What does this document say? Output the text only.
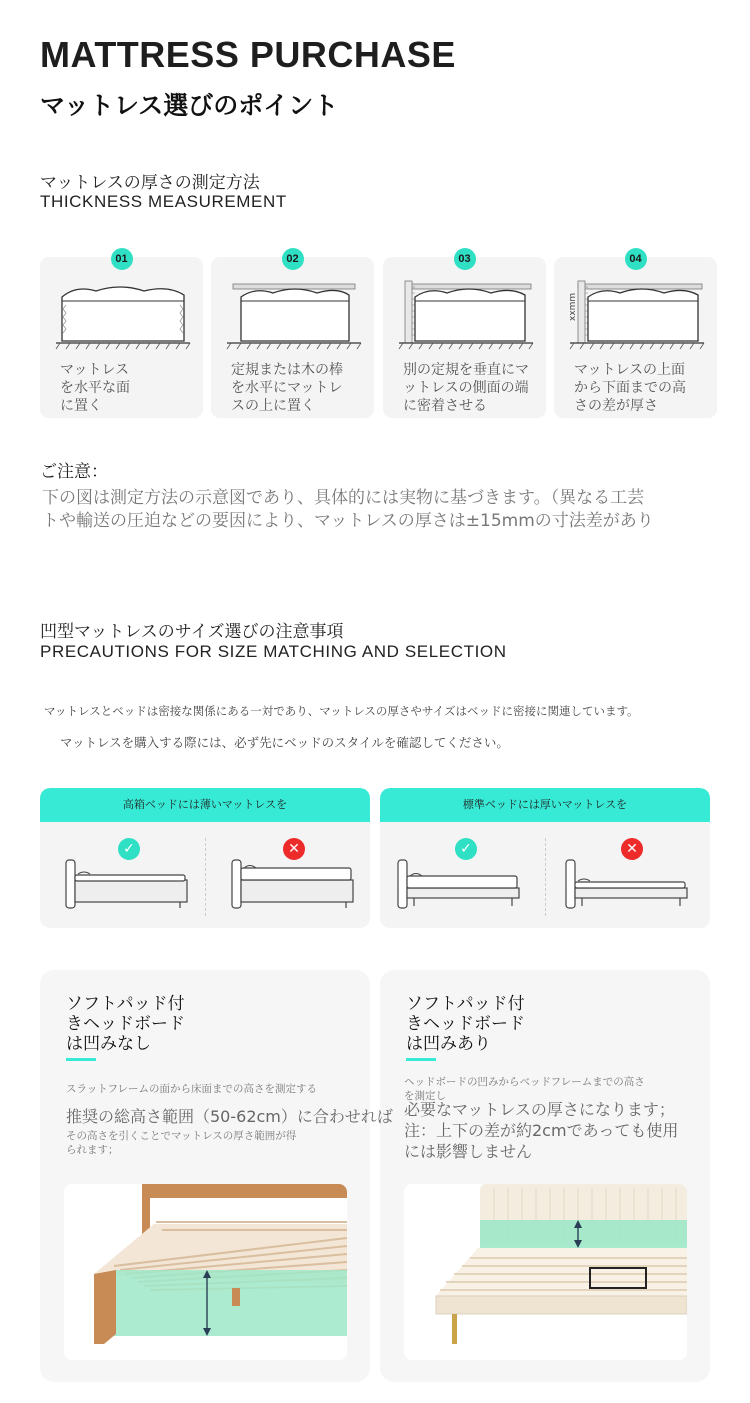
MATTRESS PURCHASE
マットレス選びのポイント
マットレスの厚さの測定方法
THICKNESS MEASUREMENT
01
マットレス
を水平な面
に置く
02
定規または木の棒
を水平にマットレ
スの上に置く
03
別の定規を垂直にマ
ットレスの側面の端
に密着させる
04
xxmm
マットレスの上面
から下面までの高
さの差が厚さ
ご注意：
下の図は測定方法の示意図であり、具体的には実物に基づきます。（異なる工芸
トや輸送の圧迫などの要因により、マットレスの厚さは±15mmの寸法差があり
凹型マットレスのサイズ選びの注意事項
PRECAUTIONS FOR SIZE MATCHING AND SELECTION
マットレスとベッドは密接な関係にある一対であり、マットレスの厚さやサイズはベッドに密接に関連しています。
マットレスを購入する際には、必ず先にベッドのスタイルを確認してください。
高箱ベッドには薄いマットレスを
✓	✕
標準ベッドには厚いマットレスを
✓	✕
ソフトパッド付
きヘッドボード
は凹みなし
スラットフレームの面から床面までの高さを測定する
その高さを引くことでマットレスの厚さ範囲が得
られます；
ソフトパッド付
きヘッドボード
は凹みあり
ヘッドボードの凹みからベッドフレームまでの高さ
を測定し
推奨の総高さ範囲（50-62cm）に合わせれば 必要なマットレスの厚さになります；
注：上下の差が約2cmであっても使用
には影響しません
